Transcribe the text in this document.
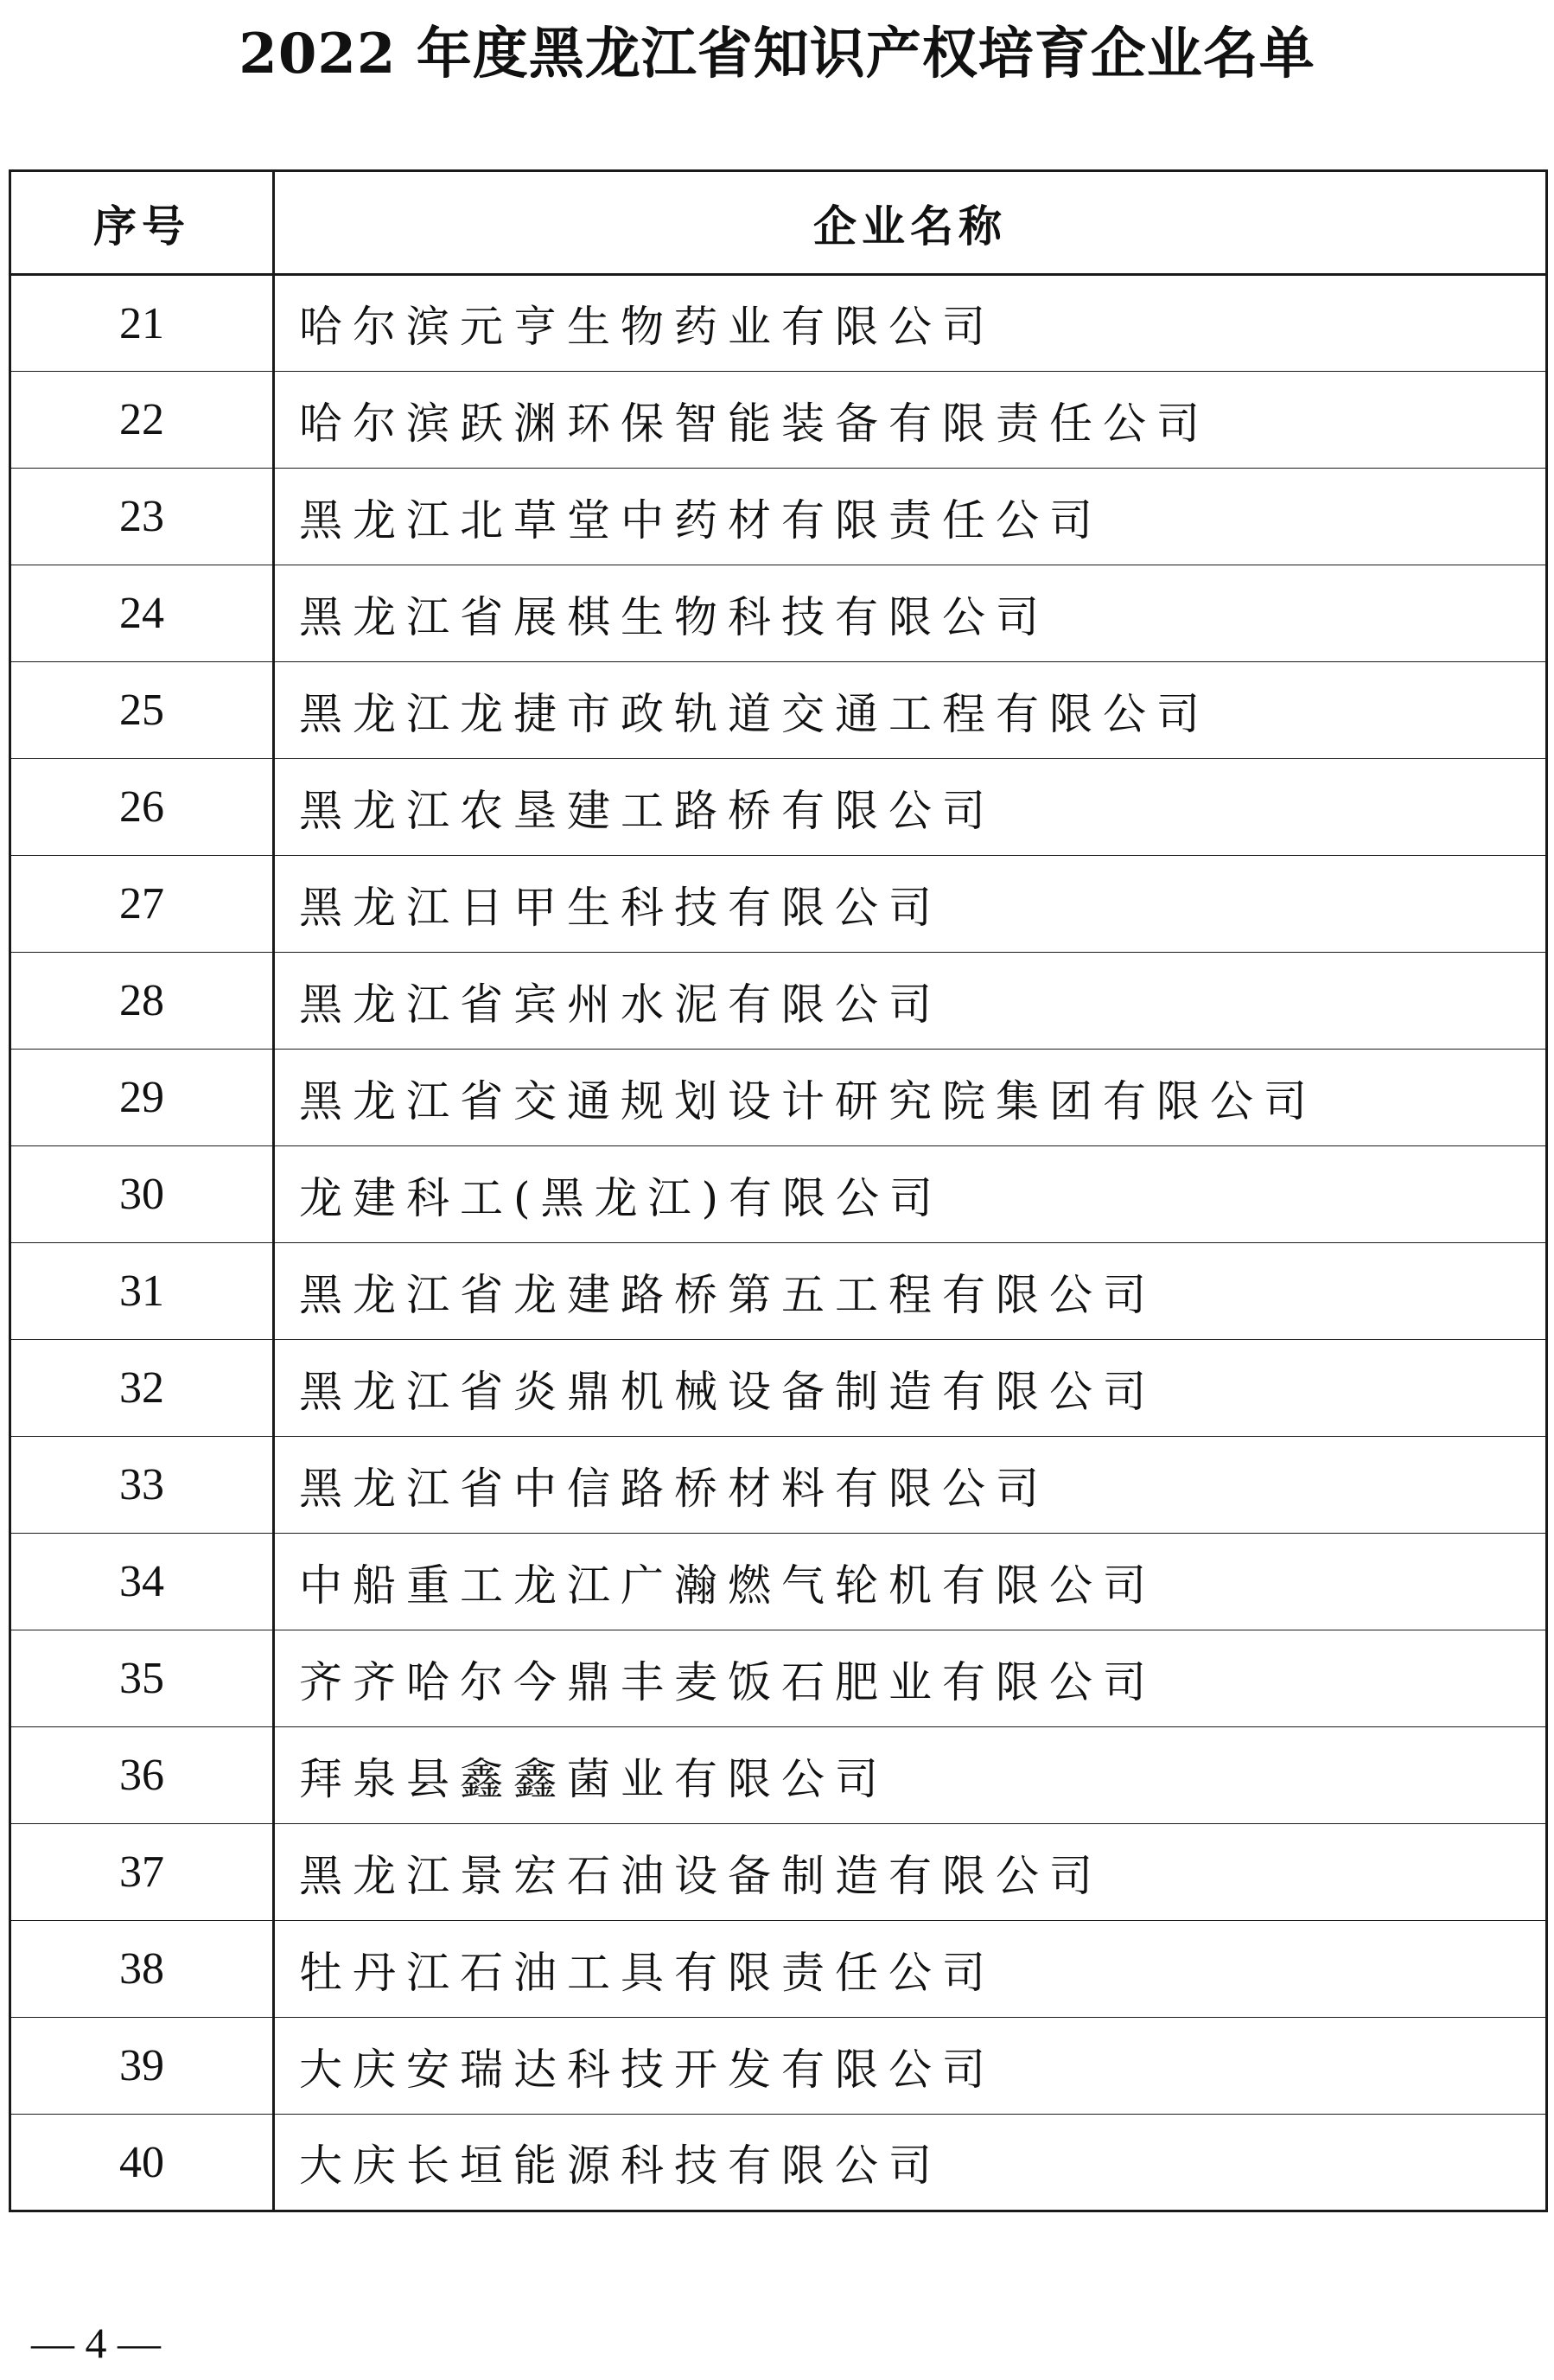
2022 年度黑龙江省知识产权培育企业名单
序号	企业名称
21	哈尔滨元亨生物药业有限公司
22	哈尔滨跃渊环保智能装备有限责任公司
23	黑龙江北草堂中药材有限责任公司
24	黑龙江省展棋生物科技有限公司
25	黑龙江龙捷市政轨道交通工程有限公司
26	黑龙江农垦建工路桥有限公司
27	黑龙江日甲生科技有限公司
28	黑龙江省宾州水泥有限公司
29	黑龙江省交通规划设计研究院集团有限公司
30	龙建科工(黑龙江)有限公司
31	黑龙江省龙建路桥第五工程有限公司
32	黑龙江省炎鼎机械设备制造有限公司
33	黑龙江省中信路桥材料有限公司
34	中船重工龙江广瀚燃气轮机有限公司
35	齐齐哈尔今鼎丰麦饭石肥业有限公司
36	拜泉县鑫鑫菌业有限公司
37	黑龙江景宏石油设备制造有限公司
38	牡丹江石油工具有限责任公司
39	大庆安瑞达科技开发有限公司
40	大庆长垣能源科技有限公司
— 4 —
